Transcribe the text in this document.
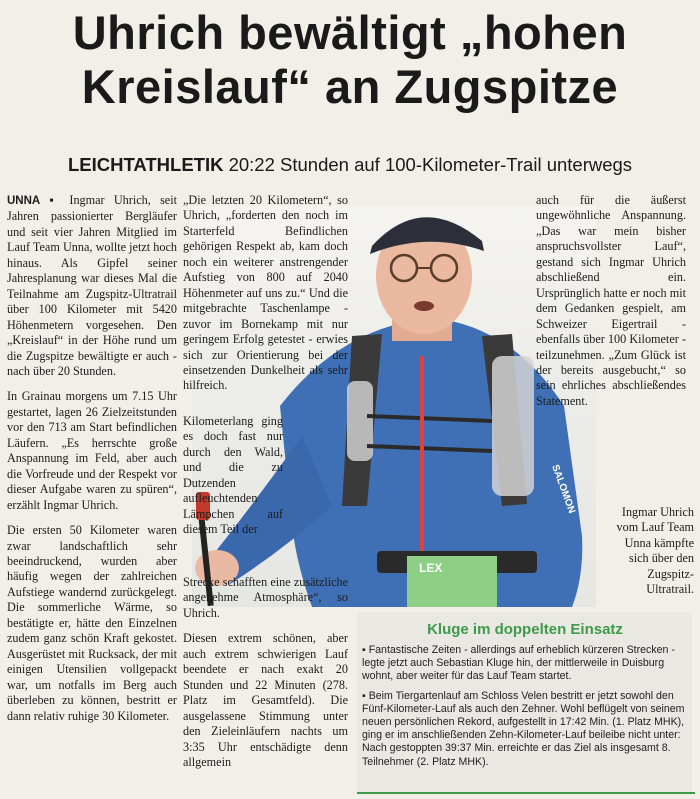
Uhrich bewältigt „hohen
Kreislauf“ an Zugspitze
LEICHTATHLETIK 20:22 Stunden auf 100-Kilometer-Trail unterwegs

UNNA ▪ Ingmar Uhrich, seit Jahren passionierter Bergläufer und seit vier Jahren Mitglied im Lauf Team Unna, wollte jetzt hoch hinaus. Als Gipfel seiner Jahresplanung war dieses Mal die Teilnahme am Zugspitz-Ultratrail über 100 Kilometer mit 5420 Höhenmetern vorgesehen. Den „Kreislauf“ in der Höhe rund um die Zugspitze bewältigte er auch - nach über 20 Stunden.

In Grainau morgens um 7.15 Uhr gestartet, lagen 26 Zielzeitstunden vor den 713 am Start befindlichen Läufern. „Es herrschte große Anspannung im Feld, aber auch die Vorfreude und der Respekt vor dieser Aufgabe waren zu spüren“, erzählt Ingmar Uhrich.

Die ersten 50 Kilometer waren zwar landschaftlich sehr beeindruckend, wurden aber häufig wegen der zahlreichen Aufstiege wandernd zurückgelegt. Die sommerliche Wärme, so bestätigte er, hätte den Einzelnen zudem ganz schön Kraft gekostet. Ausgerüstet mit Rucksack, der mit einigen Utensilien vollgepackt war, um notfalls im Berg auch überleben zu können, bestritt er dann relativ ruhige 30 Kilometer.

LEX
SALOMON

„Die letzten 20 Kilometern“, so Uhrich, „forderten den noch im Starterfeld Befindlichen gehörigen Respekt ab, kam doch noch ein weiterer anstrengender Aufstieg von 800 auf 2040 Höhenmeter auf uns zu.“ Und die mitgebrachte Taschenlampe - zuvor im Bornekamp mit nur geringem Erfolg getestet - erwies sich zur Orientierung bei der einsetzenden Dunkelheit als sehr hilfreich.

Kilometerlang ging es doch fast nur durch den Wald, und die zu Dutzenden aufleuchtenden Lämpchen auf diesem Teil der

Strecke schafften eine zusätzliche angenehme Atmosphäre“, so Uhrich.

Diesen extrem schönen, aber auch extrem schwierigen Lauf beendete er nach exakt 20 Stunden und 22 Minuten (278. Platz im Gesamtfeld). Die ausgelassene Stimmung unter den Zieleinläufern nachts um 3:35 Uhr entschädigte denn allgemein

auch für die äußerst ungewöhnliche Anspannung. „Das war mein bisher anspruchsvollster Lauf“, gestand sich Ingmar Uhrich abschließend ein. Ursprünglich hatte er noch mit dem Gedanken gespielt, am Schweizer Eigertrail - ebenfalls über 100 Kilometer - teilzunehmen. „Zum Glück ist der bereits ausgebucht,“ so sein ehrliches abschließendes Statement.

Ingmar Uhrich vom Lauf Team Unna kämpfte sich über den Zugspitz-Ultratrail.
Kluge im doppelten Einsatz

▪ Fantastische Zeiten - allerdings auf erheblich kürzeren Strecken - legte jetzt auch Sebastian Kluge hin, der mittlerweile in Duisburg wohnt, aber weiter für das Lauf Team startet.

▪ Beim Tiergartenlauf am Schloss Velen bestritt er jetzt sowohl den Fünf-Kilometer-Lauf als auch den Zehner. Wohl beflügelt von seinem neuen persönlichen Rekord, aufgestellt in 17:42 Min. (1. Platz MHK), ging er im anschließenden Zehn-Kilometer-Lauf beileibe nicht unter: Nach gestoppten 39:37 Min. erreichte er das Ziel als insgesamt 8. Teilnehmer (2. Platz MHK).
